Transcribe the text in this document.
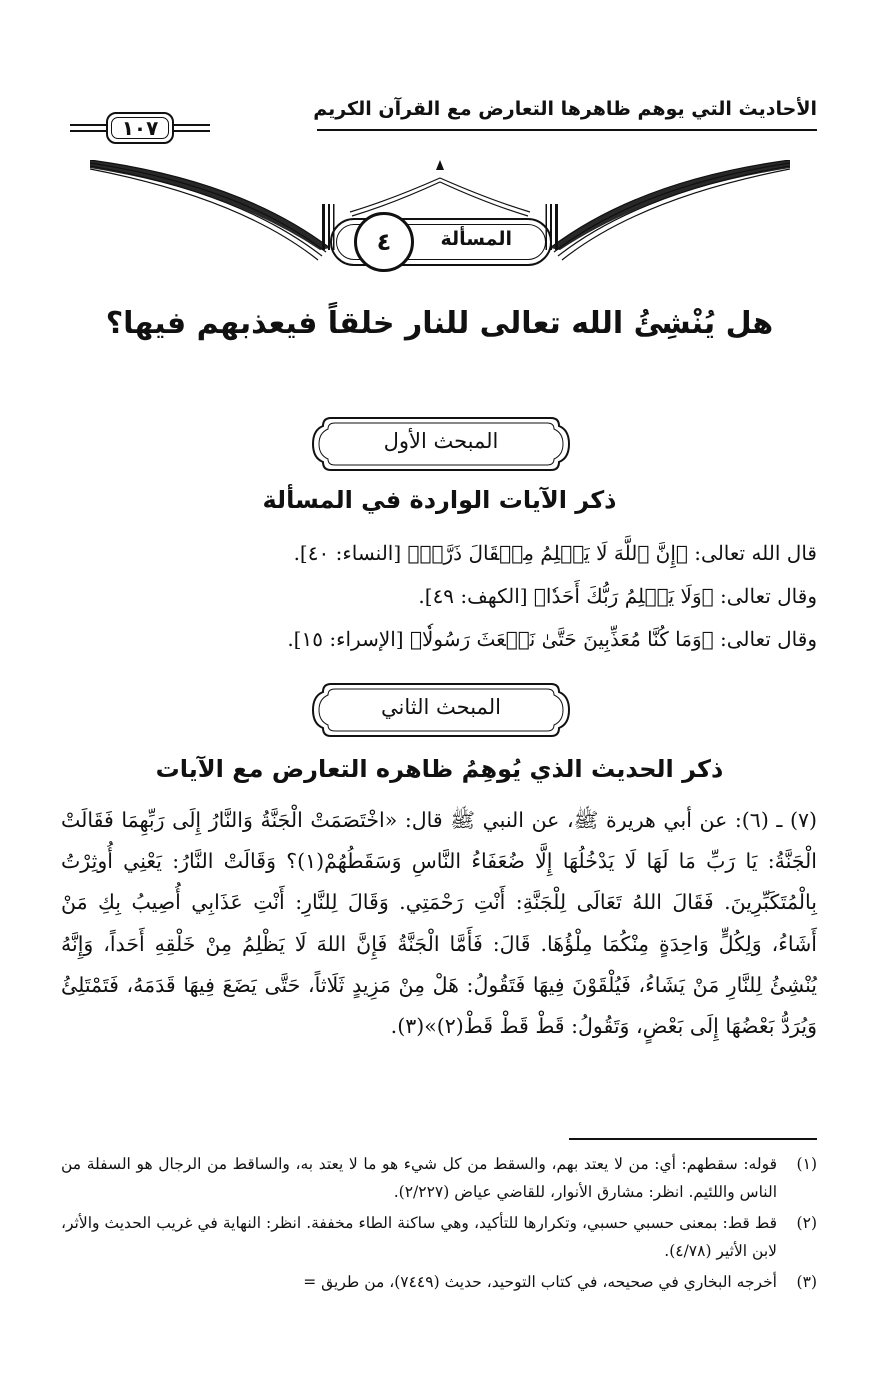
الأحاديث التي يوهم ظاهرها التعارض مع القرآن الكريم
١٠٧
المسألة
٤
هل يُنْشِئُ الله تعالى للنار خلقاً فيعذبهم فيها؟
المبحث الأول
ذكر الآيات الواردة في المسألة
قال الله تعالى: ﴿إِنَّ ٱللَّهَ لَا يَظۡلِمُ مِثۡقَالَ ذَرَّةٖ﴾ [النساء: ٤٠].
وقال تعالى: ﴿وَلَا يَظۡلِمُ رَبُّكَ أَحَدٗا﴾ [الكهف: ٤٩].
وقال تعالى: ﴿وَمَا كُنَّا مُعَذِّبِينَ حَتَّىٰ نَبۡعَثَ رَسُولٗا﴾ [الإسراء: ١٥].
المبحث الثاني
ذكر الحديث الذي يُوهِمُ ظاهره التعارض مع الآيات
(٧) ـ (٦): عن أبي هريرة ﷺ، عن النبي ﷺ قال: «اخْتَصَمَتْ الْجَنَّةُ وَالنَّارُ إِلَى رَبِّهِمَا فَقَالَتْ الْجَنَّةُ: يَا رَبِّ مَا لَهَا لَا يَدْخُلُهَا إِلَّا ضُعَفَاءُ النَّاسِ وَسَقَطُهُمْ(١)؟ وَقَالَتْ النَّارُ: يَعْنِي أُوثِرْتُ بِالْمُتَكَبِّرِينَ. فَقَالَ اللهُ تَعَالَى لِلْجَنَّةِ: أَنْتِ رَحْمَتِي. وَقَالَ لِلنَّارِ: أَنْتِ عَذَابِي أُصِيبُ بِكِ مَنْ أَشَاءُ، وَلِكُلٍّ وَاحِدَةٍ مِنْكُمَا مِلْؤُهَا. قَالَ: فَأَمَّا الْجَنَّةُ فَإِنَّ اللهَ لَا يَظْلِمُ مِنْ خَلْقِهِ أَحَداً، وَإِنَّهُ يُنْشِئُ لِلنَّارِ مَنْ يَشَاءُ، فَيُلْقَوْنَ فِيهَا فَتَقُولُ: هَلْ مِنْ مَزِيدٍ ثَلَاثاً، حَتَّى يَضَعَ فِيهَا قَدَمَهُ، فَتَمْتَلِئُ وَيُرَدُّ بَعْضُهَا إِلَى بَعْضٍ، وَتَقُولُ: قَطْ قَطْ قَطْ(٢)»(٣).
(١)
قوله: سقطهم: أي: من لا يعتد بهم، والسقط من كل شيء هو ما لا يعتد به، والساقط من الرجال هو السفلة من الناس واللئيم. انظر: مشارق الأنوار، للقاضي عياض (٢/٢٢٧).
(٢)
قط قط: بمعنى حسبي حسبي، وتكرارها للتأكيد، وهي ساكنة الطاء مخففة. انظر: النهاية في غريب الحديث والأثر، لابن الأثير (٤/٧٨).
(٣)
أخرجه البخاري في صحيحه، في كتاب التوحيد، حديث (٧٤٤٩)، من طريق =
